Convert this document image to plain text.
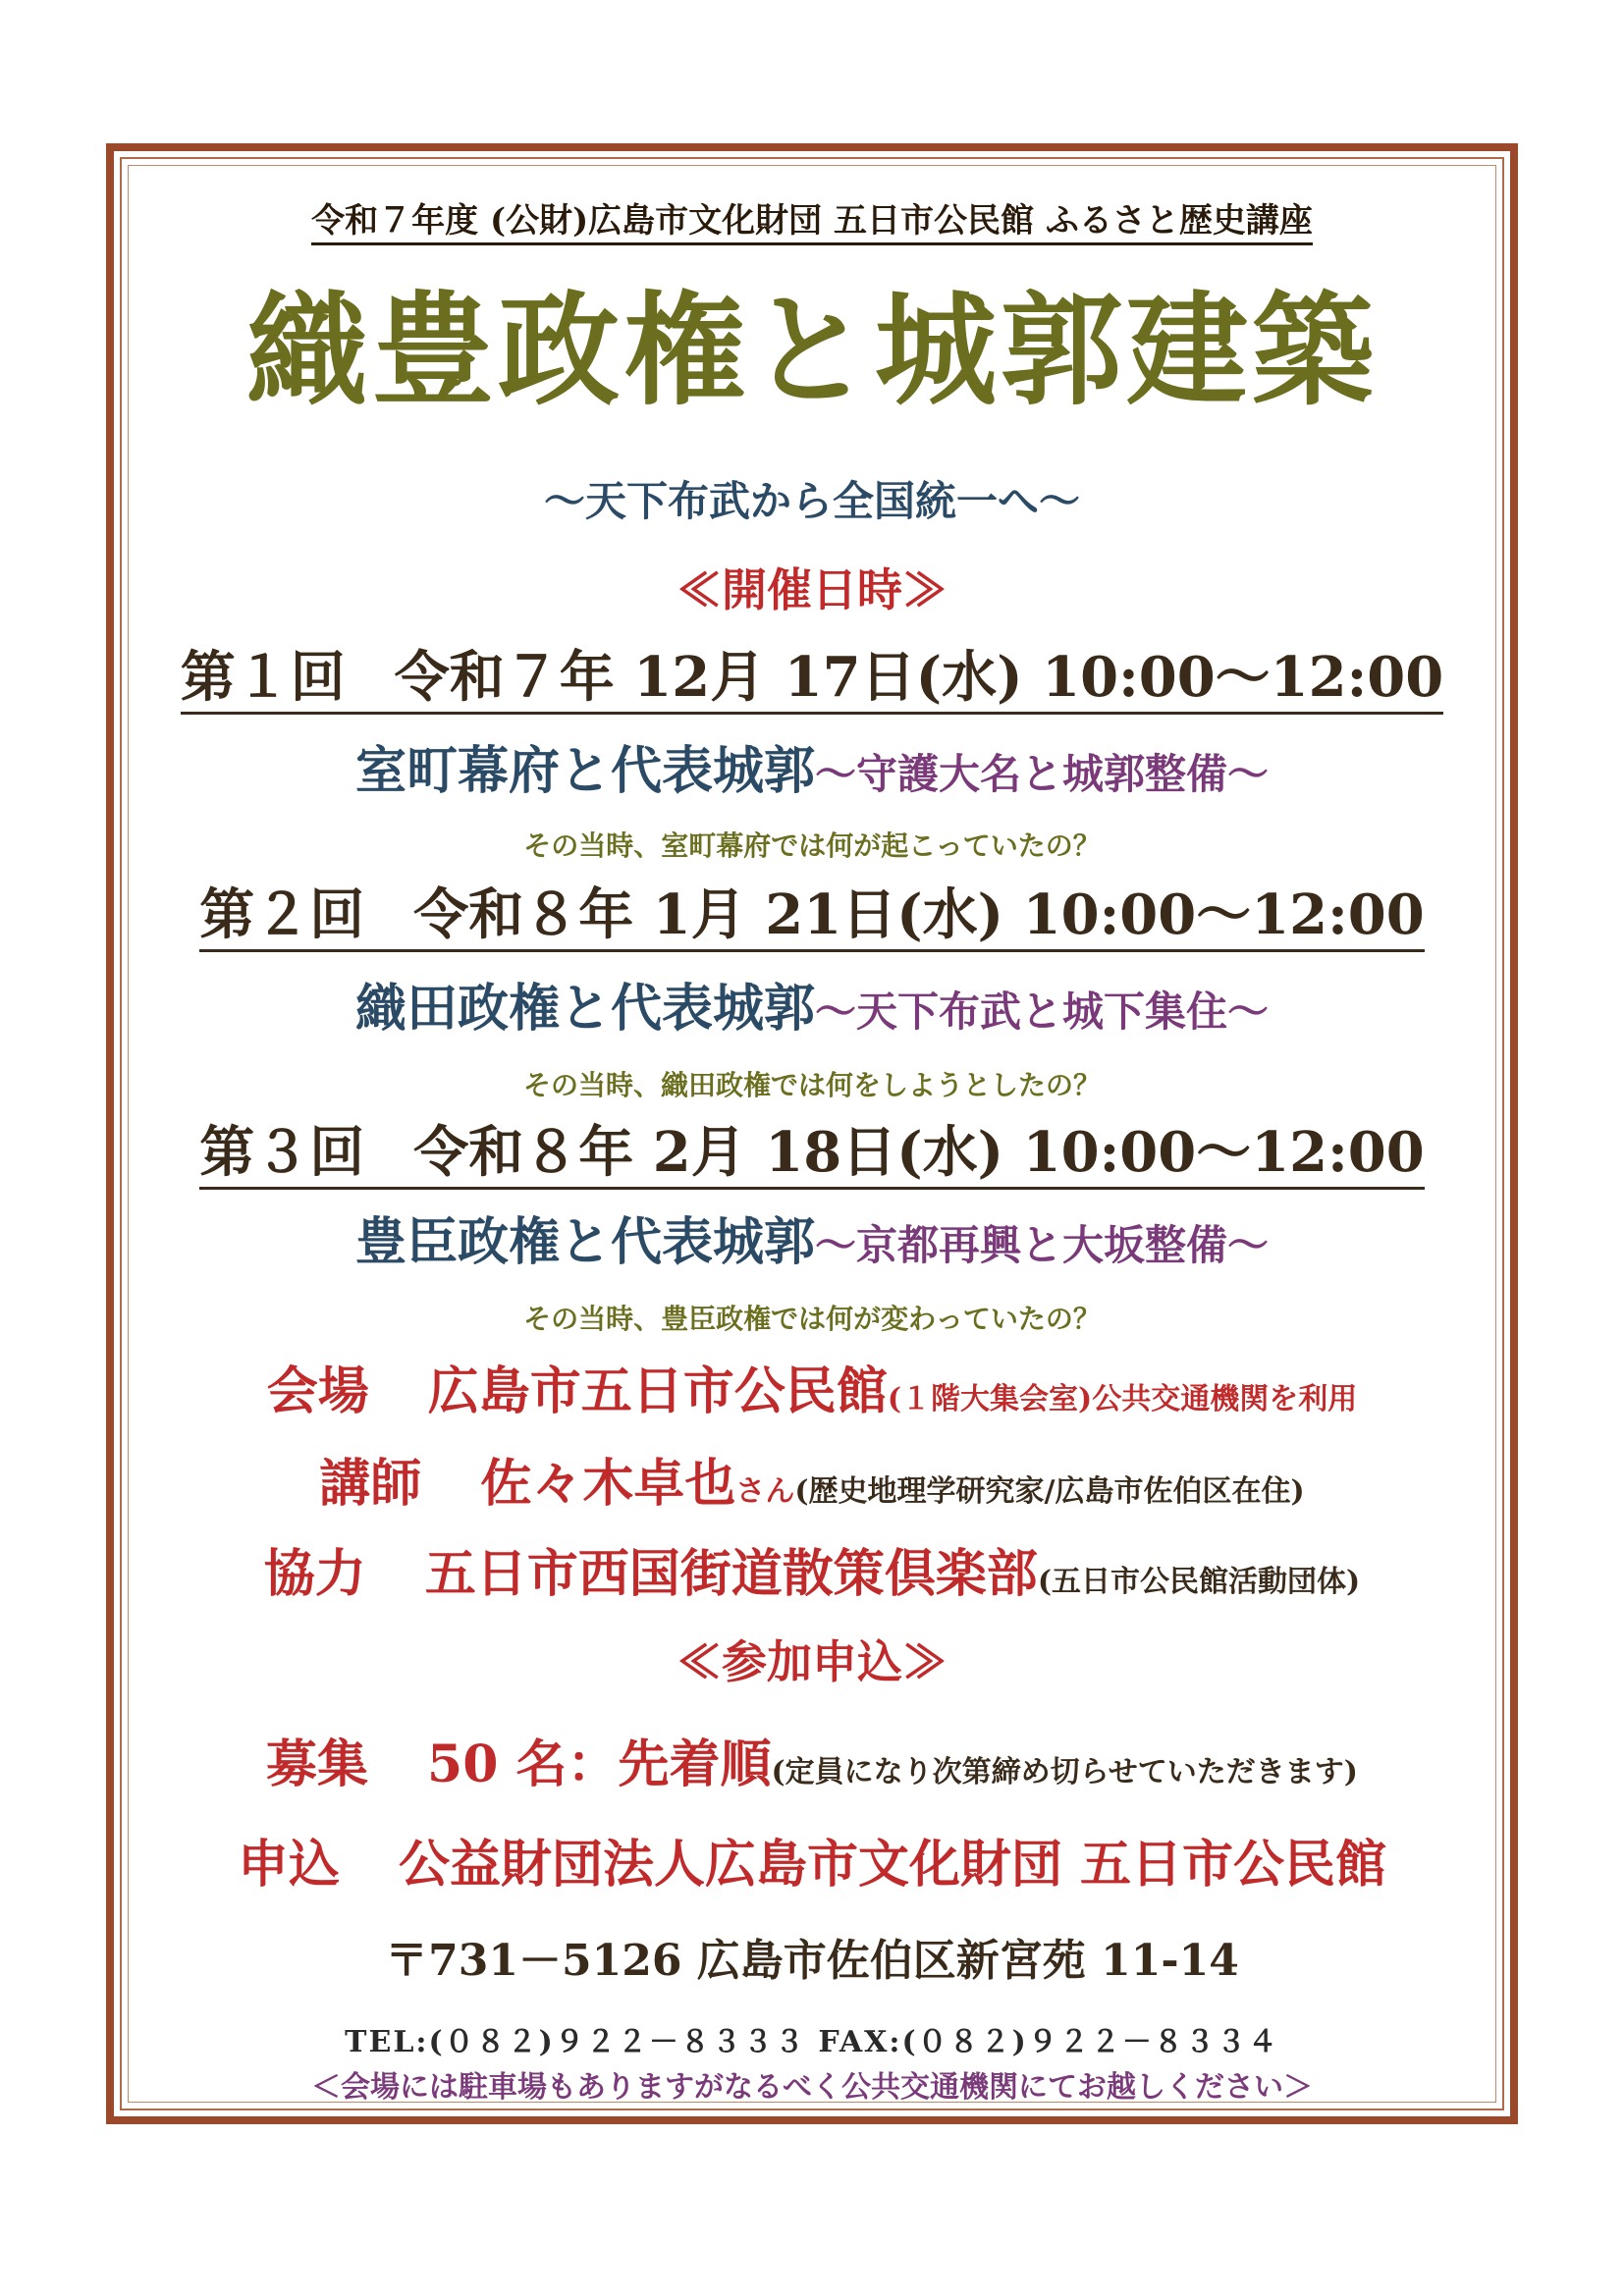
令和７年度 (公財)広島市文化財団 五日市公民館 ふるさと歴史講座
織豊政権と城郭建築
～天下布武から全国統一へ～
≪開催日時≫
第１回 令和７年 12月 17日(水) 10:00～12:00
室町幕府と代表城郭～守護大名と城郭整備～
その当時、室町幕府では何が起こっていたの？
第２回 令和８年 1月 21日(水) 10:00～12:00
織田政権と代表城郭～天下布武と城下集住～
その当時、織田政権では何をしようとしたの？
第３回 令和８年 2月 18日(水) 10:00～12:00
豊臣政権と代表城郭～京都再興と大坂整備～
その当時、豊臣政権では何が変わっていたの？
会場 広島市五日市公民館(１階大集会室)公共交通機関を利用
講師 佐々木卓也さん(歴史地理学研究家/広島市佐伯区在住)
協力 五日市西国街道散策倶楽部(五日市公民館活動団体)
≪参加申込≫
募集 50 名：先着順(定員になり次第締め切らせていただきます)
申込 公益財団法人広島市文化財団 五日市公民館
〒731－5126 広島市佐伯区新宮苑 11-14
TEL:(０８２)９２２－８３３３ FAX:(０８２)９２２－８３３４
＜会場には駐車場もありますがなるべく公共交通機関にてお越しください＞
